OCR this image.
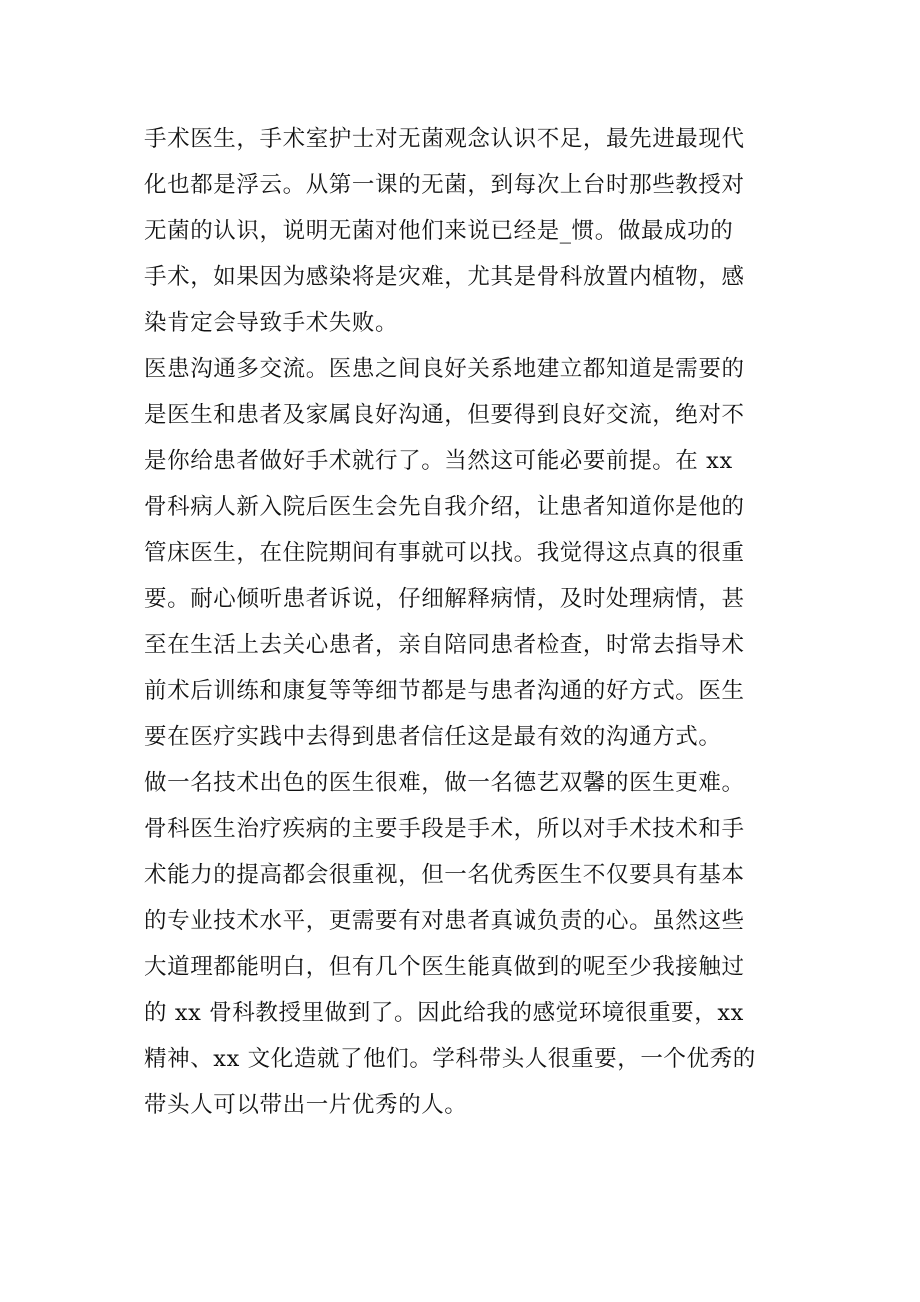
手术医生，手术室护士对无菌观念认识不足，最先进最现代
化也都是浮云。从第一课的无菌，到每次上台时那些教授对
无菌的认识，说明无菌对他们来说已经是_惯。做最成功的
手术，如果因为感染将是灾难，尤其是骨科放置内植物，感
染肯定会导致手术失败。
医患沟通多交流。医患之间良好关系地建立都知道是需要的
是医生和患者及家属良好沟通，但要得到良好交流，绝对不
是你给患者做好手术就行了。当然这可能必要前提。在 xx
骨科病人新入院后医生会先自我介绍，让患者知道你是他的
管床医生，在住院期间有事就可以找。我觉得这点真的很重
要。耐心倾听患者诉说，仔细解释病情，及时处理病情，甚
至在生活上去关心患者，亲自陪同患者检查，时常去指导术
前术后训练和康复等等细节都是与患者沟通的好方式。医生
要在医疗实践中去得到患者信任这是最有效的沟通方式。
做一名技术出色的医生很难，做一名德艺双馨的医生更难。
骨科医生治疗疾病的主要手段是手术，所以对手术技术和手
术能力的提高都会很重视，但一名优秀医生不仅要具有基本
的专业技术水平，更需要有对患者真诚负责的心。虽然这些
大道理都能明白，但有几个医生能真做到的呢至少我接触过
的 xx 骨科教授里做到了。因此给我的感觉环境很重要，xx
精神、xx 文化造就了他们。学科带头人很重要，一个优秀的
带头人可以带出一片优秀的人。
